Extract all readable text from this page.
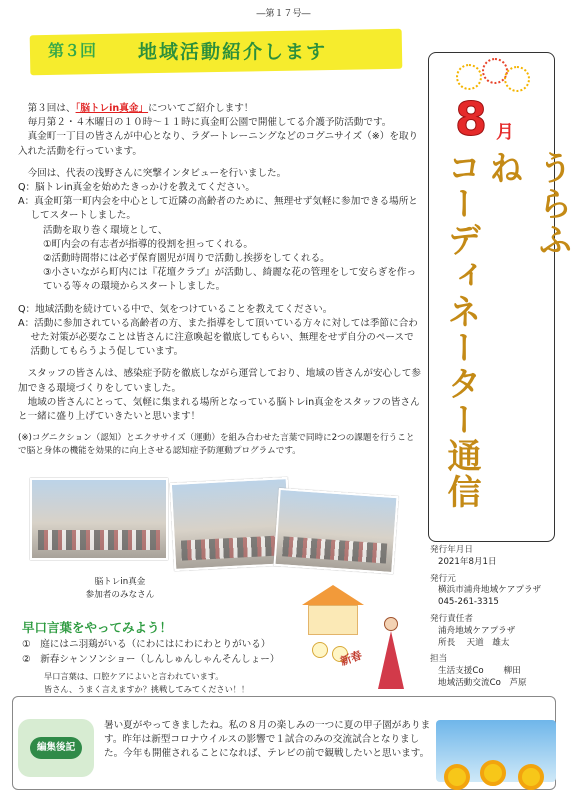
―第１７号―
第３回 地域活動紹介します

第３回は、「脳トレin真金」についてご紹介します！

毎月第２・４木曜日の１０時～１１時に真金町公園で開催してる介護予防活動です。

真金町一丁目の皆さんが中心となり、ラダートレーニングなどのコグニサイズ（※）を取り入れた活動を行っています。

今回は、代表の浅野さんに突撃インタビューを行いました。

Q：脳トレin真金を始めたきっかけを教えてください。

A：真金町第一町内会を中心として近隣の高齢者のために、無理せず気軽に参加できる場所としてスタートしました。

活動を取り巻く環境として、

①町内会の有志者が指導的役割を担ってくれる。

②活動時間帯には必ず保育園児が周りで活動し挨拶をしてくれる。

③小さいながら町内には『花壇クラブ』が活動し、綺麗な花の管理をして安らぎを作っている等々の環境からスタートしました。

Q：地域活動を続けている中で、気をつけていることを教えてください。

A：活動に参加されている高齢者の方、また指導をして頂いている方々に対しては季節に合わせた対策が必要なことは皆さんに注意喚起を徹底してもらい、無理をせず自分のペースで活動してもらうよう促しています。

スタッフの皆さんは、感染症予防を徹底しながら運営しており、地域の皆さんが安心して参加できる環境づくりをしていました。

地域の皆さんにとって、気軽に集まれる場所となっている脳トレin真金をスタッフの皆さんと一緒に盛り上げていきたいと思います！

(※)コグニクション（認知）とエクササイズ（運動）を組み合わせた言葉で同時に2つの課題を行うことで脳と身体の機能を効果的に向上させる認知症予防運動プログラムです。

脳トレin真金
参加者のみなさん
早口言葉をやってみよう！
①　 庭にはニ羽鶏がいる（にわにはにわにわとりがいる）
②　 新春シャンソンショー（しんしゅんしゃんそんしょー）
早口言葉は、口腔ケアによいと言われています。
皆さん、うまく言えますか？挑戦してみてください！！
新春
8 月
うらふね
コーディネーター通信
発行年月日
2021年8月1日
発行元
横浜市浦舟地域ケアプラザ
045-261-3315
発行責任者
浦舟地域ケアプラザ
所長　 天道　雄太
担当
生活支援Co　　 柳田
地域活動交流Co　芦原
編集後記
暑い夏がやってきましたね。私の８月の楽しみの一つに夏の甲子園があります。昨年は新型コロナウイルスの影響で１試合のみの交流試合となりました。今年も開催されることになれば、テレビの前で観戦したいと思います。
